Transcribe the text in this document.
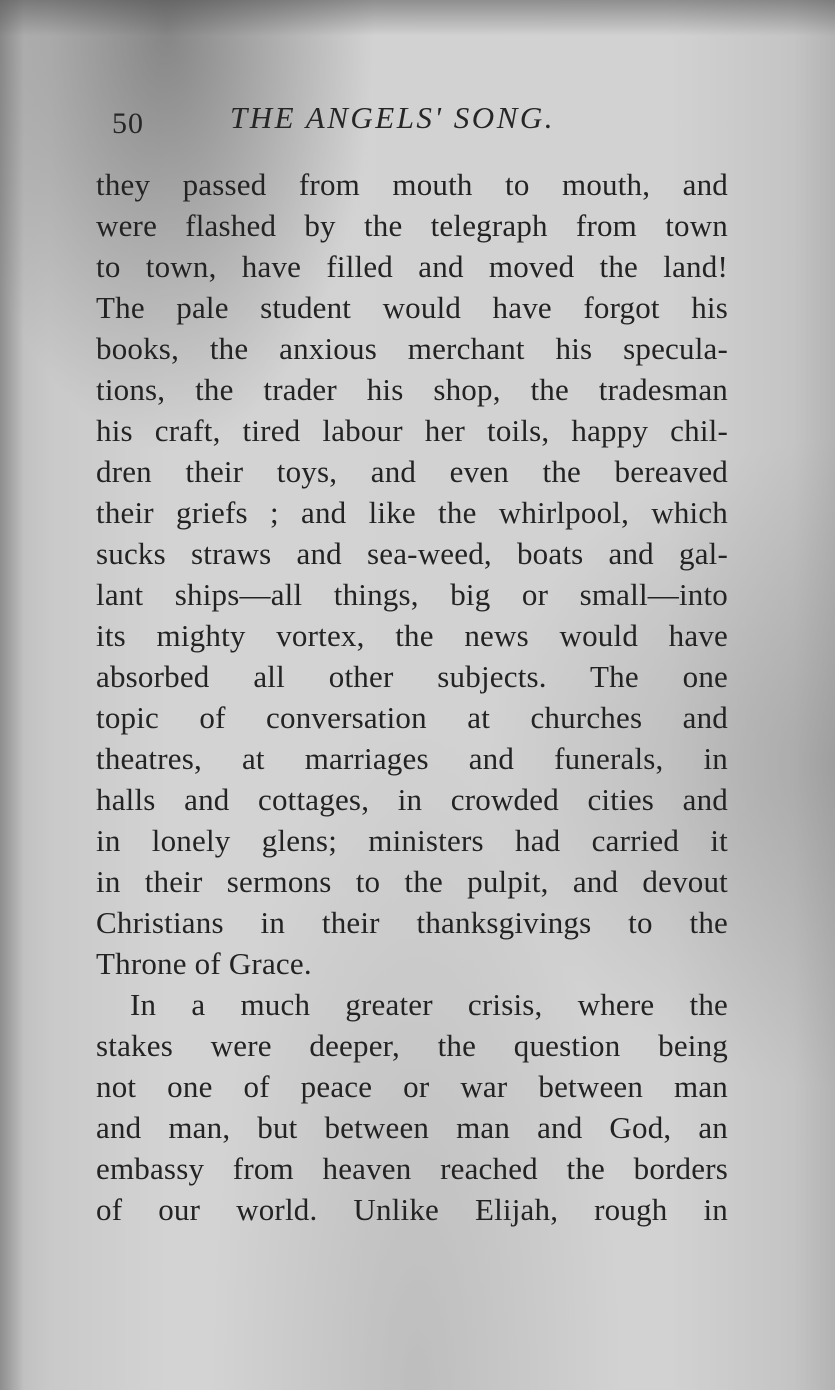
50	THE ANGELS' SONG.
they passed from mouth to mouth, and
were flashed by the telegraph from town
to town, have filled and moved the land!
The pale student would have forgot his
books, the anxious merchant his specula-
tions, the trader his shop, the tradesman
his craft, tired labour her toils, happy chil-
dren their toys, and even the bereaved
their griefs ; and like the whirlpool, which
sucks straws and sea-weed, boats and gal-
lant ships—all things, big or small—into
its mighty vortex, the news would have
absorbed all other subjects. The one
topic of conversation at churches and
theatres, at marriages and funerals, in
halls and cottages, in crowded cities and
in lonely glens; ministers had carried it
in their sermons to the pulpit, and devout
Christians in their thanksgivings to the
Throne of Grace.
In a much greater crisis, where the
stakes were deeper, the question being
not one of peace or war between man
and man, but between man and God, an
embassy from heaven reached the borders
of our world. Unlike Elijah, rough in
